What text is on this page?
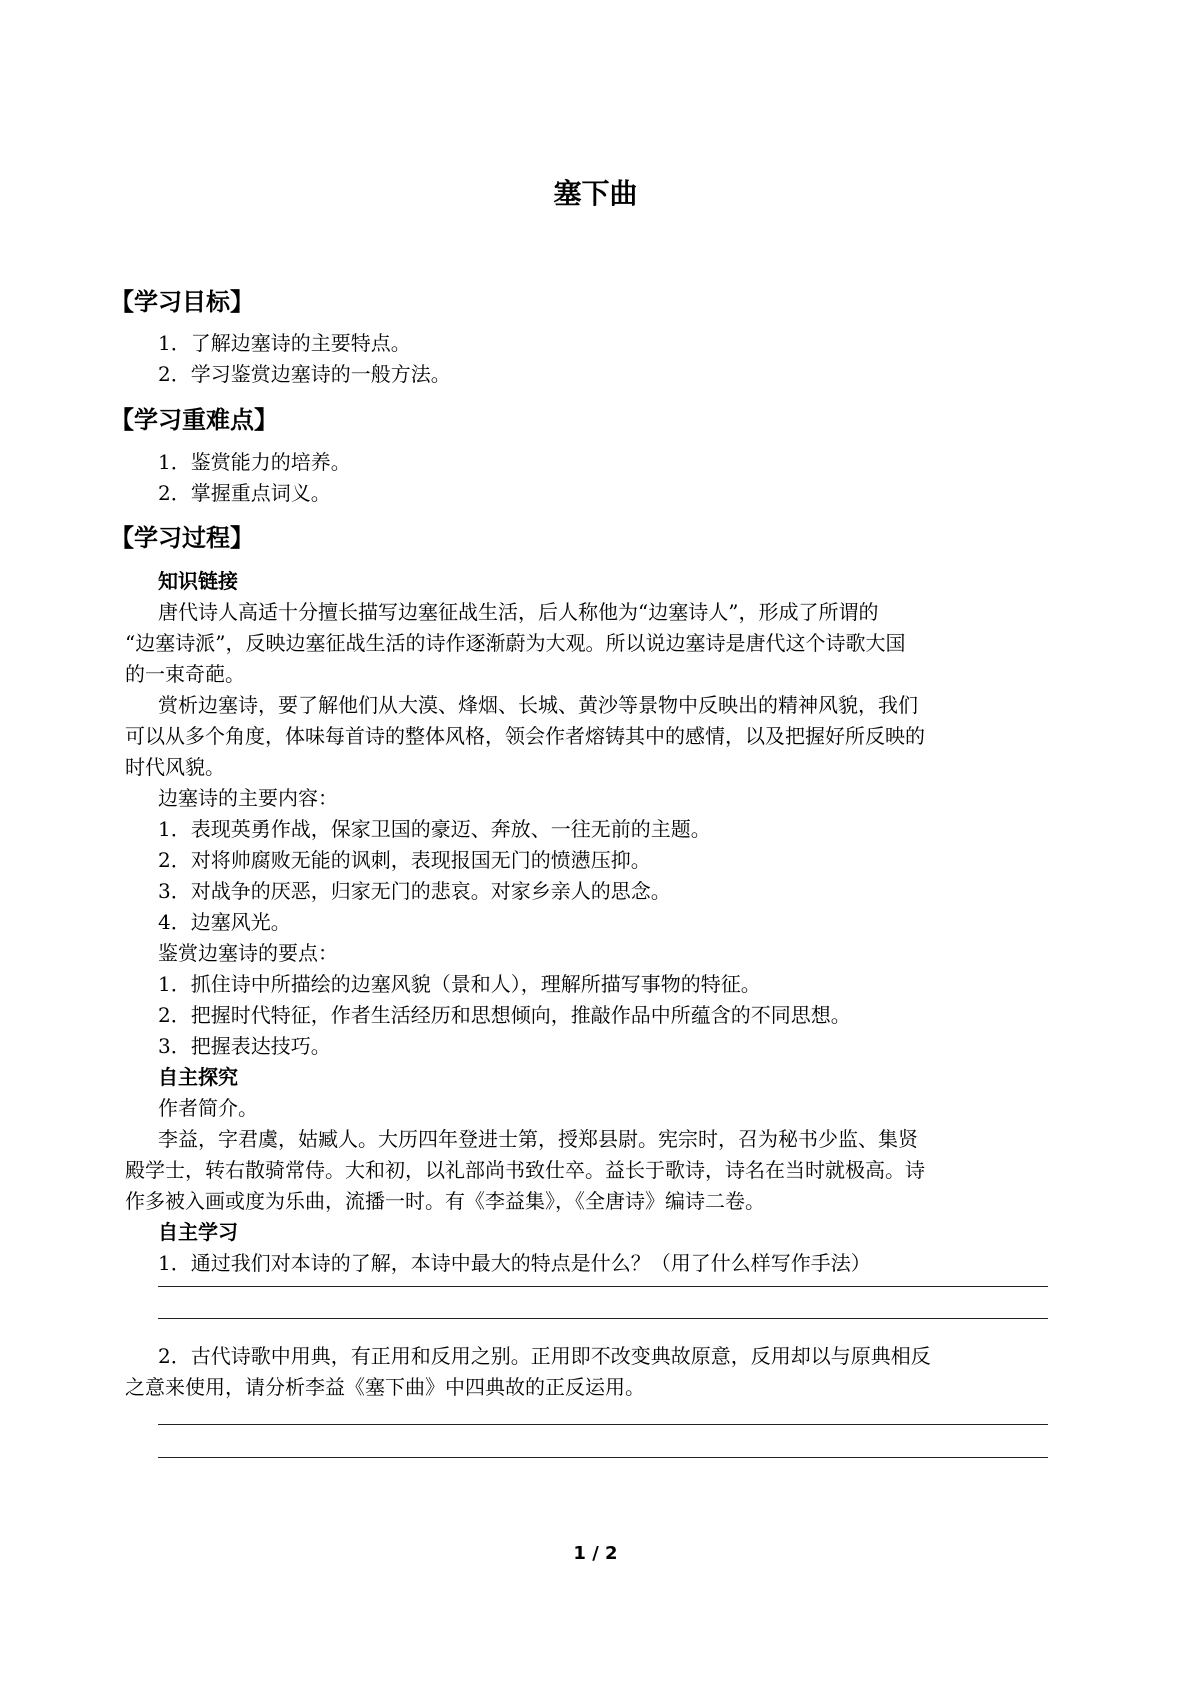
塞下曲
【学习目标】
1．了解边塞诗的主要特点。
2．学习鉴赏边塞诗的一般方法。
【学习重难点】
1．鉴赏能力的培养。
2．掌握重点词义。
【学习过程】
知识链接
唐代诗人高适十分擅长描写边塞征战生活，后人称他为“边塞诗人”，形成了所谓的
“边塞诗派”，反映边塞征战生活的诗作逐渐蔚为大观。所以说边塞诗是唐代这个诗歌大国
的一束奇葩。
赏析边塞诗，要了解他们从大漠、烽烟、长城、黄沙等景物中反映出的精神风貌，我们
可以从多个角度，体味每首诗的整体风格，领会作者熔铸其中的感情，以及把握好所反映的
时代风貌。
边塞诗的主要内容：
1．表现英勇作战，保家卫国的豪迈、奔放、一往无前的主题。
2．对将帅腐败无能的讽刺，表现报国无门的愤懑压抑。
3．对战争的厌恶，归家无门的悲哀。对家乡亲人的思念。
4．边塞风光。
鉴赏边塞诗的要点：
1．抓住诗中所描绘的边塞风貌（景和人），理解所描写事物的特征。
2．把握时代特征，作者生活经历和思想倾向，推敲作品中所蕴含的不同思想。
3．把握表达技巧。
自主探究
作者简介。
李益，字君虞，姑臧人。大历四年登进士第，授郑县尉。宪宗时，召为秘书少监、集贤
殿学士，转右散骑常侍。大和初，以礼部尚书致仕卒。益长于歌诗，诗名在当时就极高。诗
作多被入画或度为乐曲，流播一时。有《李益集》，《全唐诗》编诗二卷。
自主学习
1．通过我们对本诗的了解，本诗中最大的特点是什么？（用了什么样写作手法）
2．古代诗歌中用典，有正用和反用之别。正用即不改变典故原意，反用却以与原典相反
之意来使用，请分析李益《塞下曲》中四典故的正反运用。
1 / 2
